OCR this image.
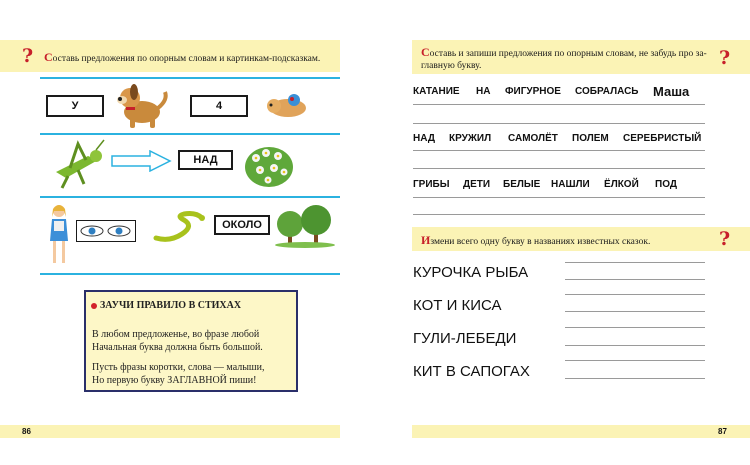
? Составь предложения по опорным словам и картинкам-подсказкам.
У	4
НАД
ОКОЛО
ЗАУЧИ ПРАВИЛО В СТИХАХ
В любом предложенье, во фразе любой
Начальная буква должна быть большой.
Пусть фразы коротки, слова — малыши,
Но первую букву ЗАГЛАВНОЙ пиши!
86
Составь и запиши предложения по опорным словам, не забудь про за-
главную букву.	?
КАТАНИЕ НА ФИГУРНОЕ СОБРАЛАСЬ Маша
НАД КРУЖИЛ САМОЛЁТ ПОЛЕМ СЕРЕБРИСТЫЙ
ГРИБЫ ДЕТИ БЕЛЫЕ НАШЛИ ЁЛКОЙ ПОД
Измени всего одну букву в названиях известных сказок.	?
КУРОЧКА РЫБА
КОТ И КИСА
ГУЛИ-ЛЕБЕДИ
КИТ В САПОГАХ
87
